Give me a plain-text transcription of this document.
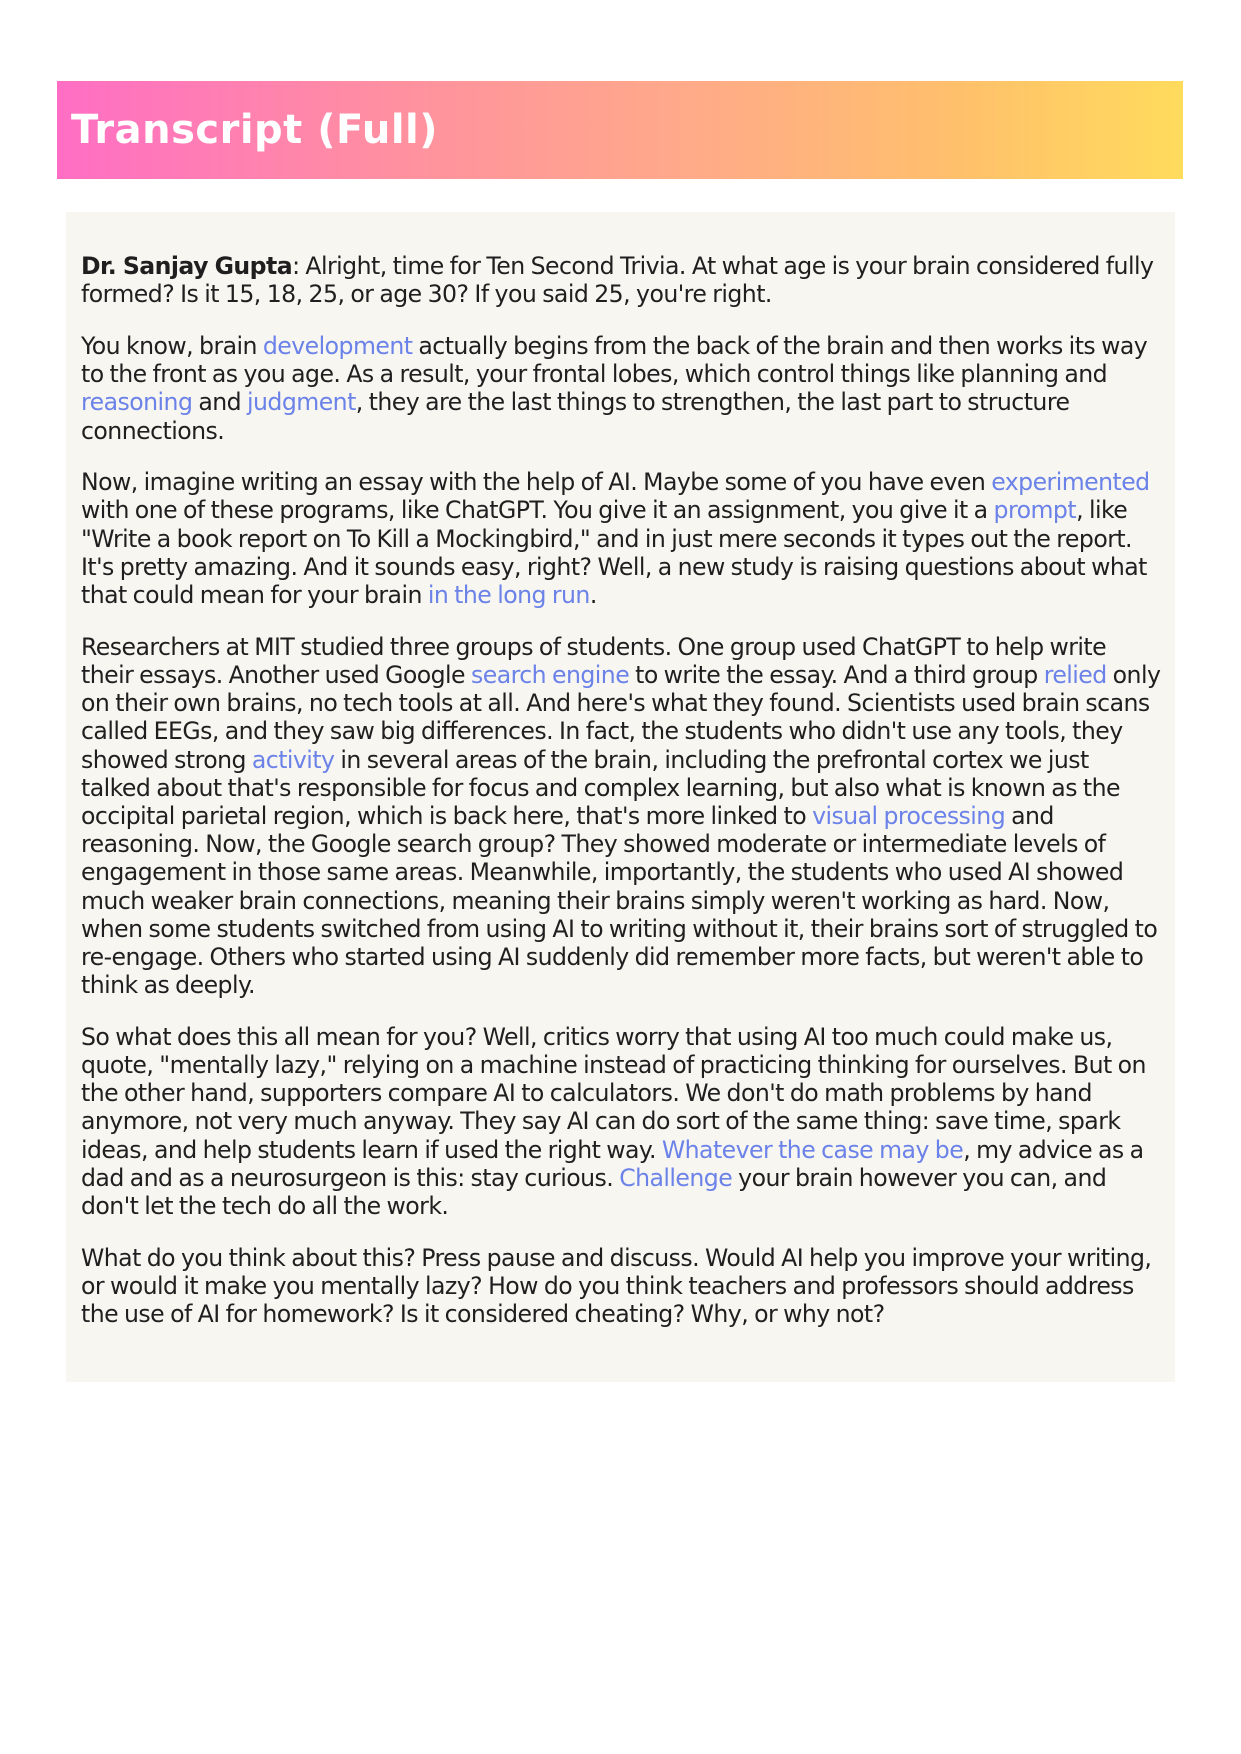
Transcript (Full)

Dr. Sanjay Gupta: Alright, time for Ten Second Trivia. At what age is your brain considered fully formed? Is it 15, 18, 25, or age 30? If you said 25, you're right.

You know, brain development actually begins from the back of the brain and then works its way to the front as you age. As a result, your frontal lobes, which control things like planning and reasoning and judgment, they are the last things to strengthen, the last part to structure connections.

Now, imagine writing an essay with the help of AI. Maybe some of you have even experimented with one of these programs, like ChatGPT. You give it an assignment, you give it a prompt, like "Write a book report on To Kill a Mockingbird," and in just mere seconds it types out the report. It's pretty amazing. And it sounds easy, right? Well, a new study is raising questions about what that could mean for your brain in the long run.

Researchers at MIT studied three groups of students. One group used ChatGPT to help write their essays. Another used Google search engine to write the essay. And a third group relied only on their own brains, no tech tools at all. And here's what they found. Scientists used brain scans called EEGs, and they saw big differences. In fact, the students who didn't use any tools, they showed strong activity in several areas of the brain, including the prefrontal cortex we just talked about that's responsible for focus and complex learning, but also what is known as the occipital parietal region, which is back here, that's more linked to visual processing and reasoning. Now, the Google search group? They showed moderate or intermediate levels of engagement in those same areas. Meanwhile, importantly, the students who used AI showed much weaker brain connections, meaning their brains simply weren't working as hard. Now, when some students switched from using AI to writing without it, their brains sort of struggled to re-engage. Others who started using AI suddenly did remember more facts, but weren't able to think as deeply.

So what does this all mean for you? Well, critics worry that using AI too much could make us, quote, "mentally lazy," relying on a machine instead of practicing thinking for ourselves. But on the other hand, supporters compare AI to calculators. We don't do math problems by hand anymore, not very much anyway. They say AI can do sort of the same thing: save time, spark ideas, and help students learn if used the right way. Whatever the case may be, my advice as a dad and as a neurosurgeon is this: stay curious. Challenge your brain however you can, and don't let the tech do all the work.

What do you think about this? Press pause and discuss. Would AI help you improve your writing, or would it make you mentally lazy? How do you think teachers and professors should address the use of AI for homework? Is it considered cheating? Why, or why not?
